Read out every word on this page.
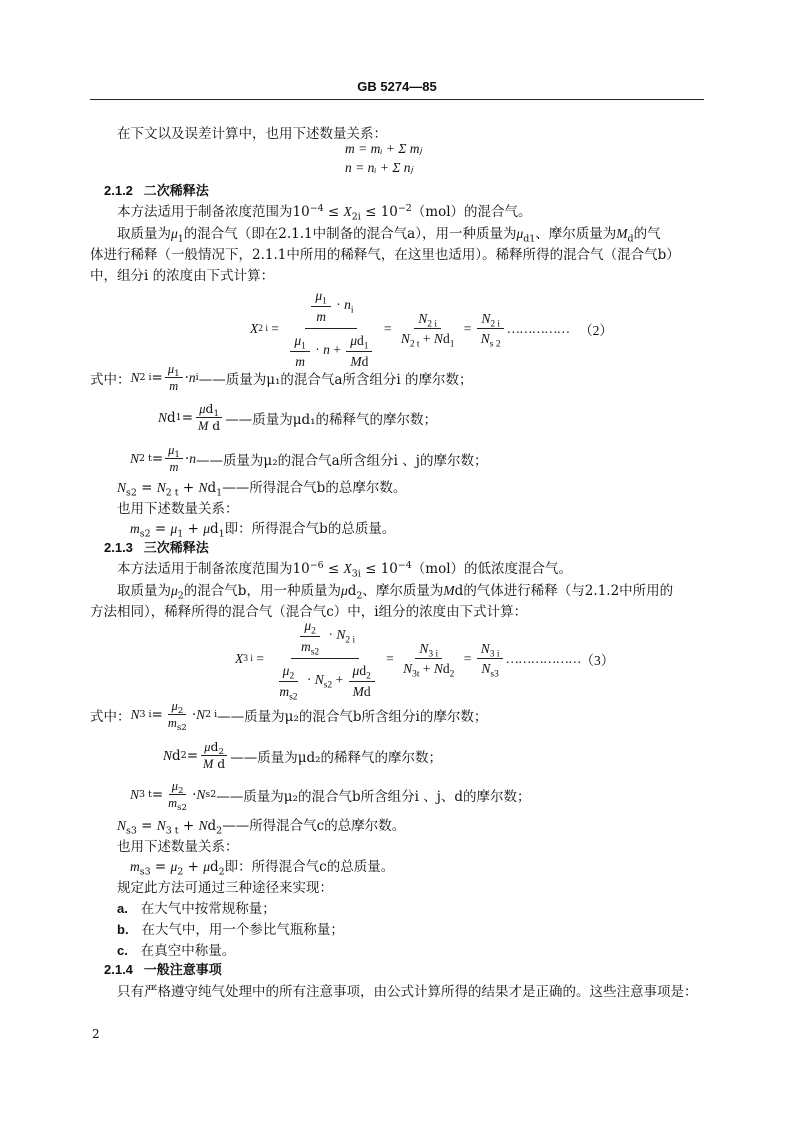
GB 5274—85
在下文以及误差计算中，也用下述数量关系：
m = mᵢ + Σ mⱼ
n = nᵢ + Σ nⱼ
2.1.2 二次稀释法
本方法适用于制备浓度范围为$10^{-4} \le X_{2i} \le 10^{-2}(mol)$的混合气。
取质量为$\mu_1$的混合气（即在2.1.1中制备的混合气a），用一种质量为$\mu_{d1}$、摩尔质量为$M_d$的气
体进行稀释（一般情况下，2.1.1中所用的稀释气，在这里也适用）。稀释所得的混合气（混合气b）
中，组分i 的浓度由下式计算：
X 2 $i = \frac{\frac{\mu_1}{m} \cdot n_i}{\frac{\mu_1}{m} \cdot n + \frac{\mu d_1}{Md}} = \frac{N_{2 i}}{N_{2 t} + Nd_1} = \frac{N_{2 i}}{N_{s 2}}$ ……………
（2）
式中： N 2 $i = \frac{\mu_1}{m} \cdot n$ i ——质量为μ₁的混合气a所含组分i 的摩尔数；
N d $1 = \frac{\mu d_1}{\text{M d}}$ ——质量为μd₁的稀释气的摩尔数；
N 2 $t = \frac{\mu_1}{m} \cdot n$ ——质量为μ₂的混合气a所含组分i 、j的摩尔数；
$N_{s2} = N_{2 t}$ + $Nd_1——$所得混合气b的总摩尔数。
也用下述数量关系：
$m_{s2} = \mu_1 + \mu d_1$即：所得混合气b的总质量。
2.1.3 三次稀释法
本方法适用于制备浓度范围为$10^{-6} \le X_{3i} \le 10^{-4}(mol)$的低浓度混合气。
取质量为$\mu_2$的混合气b，用一种质量为$\mu d_2$、摩尔质量为Md的气体进行稀释（与2.1.2中所用的
方法相同），稀释所得的混合气（混合气c）中，i组分的浓度由下式计算：
X 3 $i = \frac{\frac{\mu_2}{m_{s2}} \cdot N_{2 i}}{\frac{\mu_2}{m_{s2}} \cdot N_{s2} + \frac{\mu d_2}{Md}} = \frac{N_{3 i}}{N_{3t} + Nd_2} = \frac{N_{3 i}}{N_{s3}}$ ……………… （3）
式中： N 3 $i = \frac{\mu_2}{m_{s2}} \cdot N$ 2 i ——质量为μ₂的混合气b所含组分i的摩尔数；
N d $2 = \frac{\mu d_2}{\text{M d}}$ ——质量为μd₂的稀释气的摩尔数；
N 3 $t = \frac{\mu_2}{m_{s2}} \cdot N$ s2 ——质量为μ₂的混合气b所含组分i 、j、d的摩尔数；
$N_{s3} = N_{3 t}$ + $Nd_2——$所得混合气c的总摩尔数。
也用下述数量关系：
$m_{s3} = \mu_2 + \mu d_2$即：所得混合气c的总质量。
规定此方法可通过三种途径来实现：
a. 在大气中按常规称量；
b. 在大气中，用一个参比气瓶称量；
c. 在真空中称量。
2.1.4 一般注意事项
只有严格遵守纯气处理中的所有注意事项，由公式计算所得的结果才是正确的。这些注意事项是：
2
